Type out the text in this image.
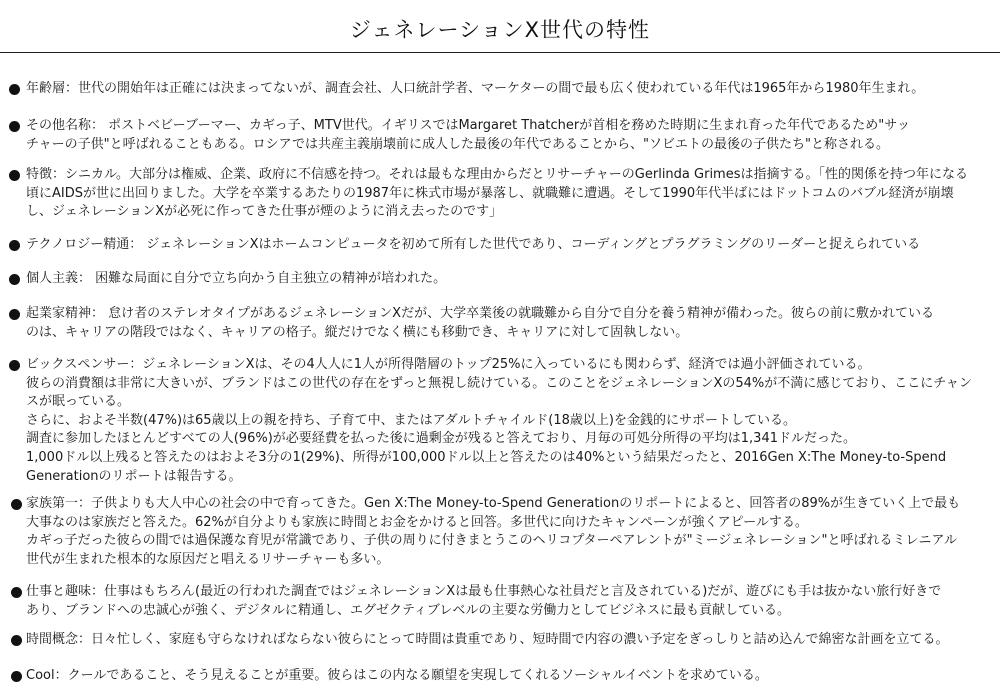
ジェネレーションX世代の特性
年齢層：世代の開始年は正確には決まってないが、調査会社、人口統計学者、マーケターの間で最も広く使われている年代は1965年から1980年生まれ。
その他名称： ポストベビーブーマー、カギっ子、MTV世代。イギリスではMargaret Thatcherが首相を務めた時期に生まれ育った年代であるため"サッ
チャーの子供"と呼ばれることもある。ロシアでは共産主義崩壊前に成人した最後の年代であることから、"ソビエトの最後の子供たち"と称される。
特徴：シニカル。大部分は権威、企業、政府に不信感を持つ。それは最もな理由からだとリサーチャーのGerlinda Grimesは指摘する。「性的関係を持つ年になる
頃にAIDSが世に出回りました。大学を卒業するあたりの1987年に株式市場が暴落し、就職難に遭遇。そして1990年代半ばにはドットコムのバブル経済が崩壊
し、ジェネレーションXが必死に作ってきた仕事が煙のように消え去ったのです」
テクノロジー精通： ジェネレーションXはホームコンピュータを初めて所有した世代であり、コーディングとプラグラミングのリーダーと捉えられている
個人主義： 困難な局面に自分で立ち向かう自主独立の精神が培われた。
起業家精神： 怠け者のステレオタイプがあるジェネレーションXだが、大学卒業後の就職難から自分で自分を養う精神が備わった。彼らの前に敷かれている
のは、キャリアの階段ではなく、キャリアの格子。縦だけでなく横にも移動でき、キャリアに対して固執しない。
ビックスペンサー：ジェネレーションXは、その4人人に1人が所得階層のトップ25%に入っているにも関わらず、経済では過小評価されている。
彼らの消費額は非常に大きいが、ブランドはこの世代の存在をずっと無視し続けている。このことをジェネレーションXの54%が不満に感じており、ここにチャン
スが眠っている。
さらに、およそ半数(47%)は65歳以上の親を持ち、子育て中、またはアダルトチャイルド(18歳以上)を金銭的にサポートしている。
調査に参加したほとんどすべての人(96%)が必要経費を払った後に過剰金が残ると答えており、月毎の可処分所得の平均は1,341ドルだった。
1,000ドル以上残ると答えたのはおよそ3分の1(29%)、所得が100,000ドル以上と答えたのは40%という結果だったと、2016Gen X:The Money-to-Spend
Generationのリポートは報告する。
家族第一：子供よりも大人中心の社会の中で育ってきた。Gen X:The Money-to-Spend Generationのリポートによると、回答者の89%が生きていく上で最も
大事なのは家族だと答えた。62%が自分よりも家族に時間とお金をかけると回答。多世代に向けたキャンペーンが強くアピールする。
カギっ子だった彼らの間では過保護な育児が常識であり、子供の周りに付きまとうこのヘリコプターペアレントが"ミージェネレーション"と呼ばれるミレニアル
世代が生まれた根本的な原因だと唱えるリサーチャーも多い。
仕事と趣味：仕事はもちろん(最近の行われた調査ではジェネレーションXは最も仕事熱心な社員だと言及されている)だが、遊びにも手は抜かない旅行好きで
あり、ブランドへの忠誠心が強く、デジタルに精通し、エグゼクティブレベルの主要な労働力としてビジネスに最も貢献している。
時間概念：日々忙しく、家庭も守らなければならない彼らにとって時間は貴重であり、短時間で内容の濃い予定をぎっしりと詰め込んで綿密な計画を立てる。
Cool：クールであること、そう見えることが重要。彼らはこの内なる願望を実現してくれるソーシャルイベントを求めている。
